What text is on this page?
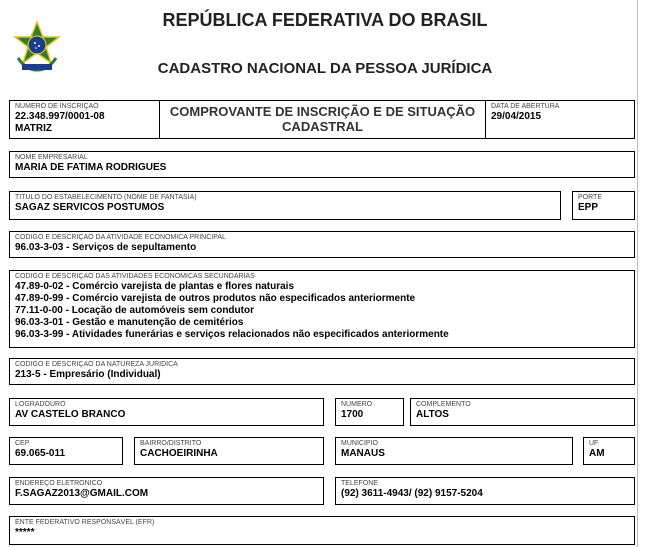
REPÚBLICA FEDERATIVA DO BRASIL
CADASTRO NACIONAL DA PESSOA JURÍDICA
NÚMERO DE INSCRIÇÃO
22.348.997/0001-08
MATRIZ
COMPROVANTE DE INSCRIÇÃO E DE SITUAÇÃO
CADASTRAL
DATA DE ABERTURA
29/04/2015
NOME EMPRESARIAL
MARIA DE FATIMA RODRIGUES
TÍTULO DO ESTABELECIMENTO (NOME DE FANTASIA)
SAGAZ SERVICOS POSTUMOS
PORTE
EPP
CÓDIGO E DESCRIÇÃO DA ATIVIDADE ECONÔMICA PRINCIPAL
96.03-3-03 - Serviços de sepultamento
CÓDIGO E DESCRIÇÃO DAS ATIVIDADES ECONÔMICAS SECUNDÁRIAS
47.89-0-02 - Comércio varejista de plantas e flores naturais
47.89-0-99 - Comércio varejista de outros produtos não especificados anteriormente
77.11-0-00 - Locação de automóveis sem condutor
96.03-3-01 - Gestão e manutenção de cemitérios
96.03-3-99 - Atividades funerárias e serviços relacionados não especificados anteriormente
CÓDIGO E DESCRIÇÃO DA NATUREZA JURÍDICA
213-5 - Empresário (Individual)
LOGRADOURO
AV CASTELO BRANCO
NÚMERO
1700
COMPLEMENTO
ALTOS
CEP
69.065-011
BAIRRO/DISTRITO
CACHOEIRINHA
MUNICÍPIO
MANAUS
UF
AM
ENDEREÇO ELETRÔNICO
F.SAGAZ2013@GMAIL.COM
TELEFONE
(92) 3611-4943/ (92) 9157-5204
ENTE FEDERATIVO RESPONSÁVEL (EFR)
*****
